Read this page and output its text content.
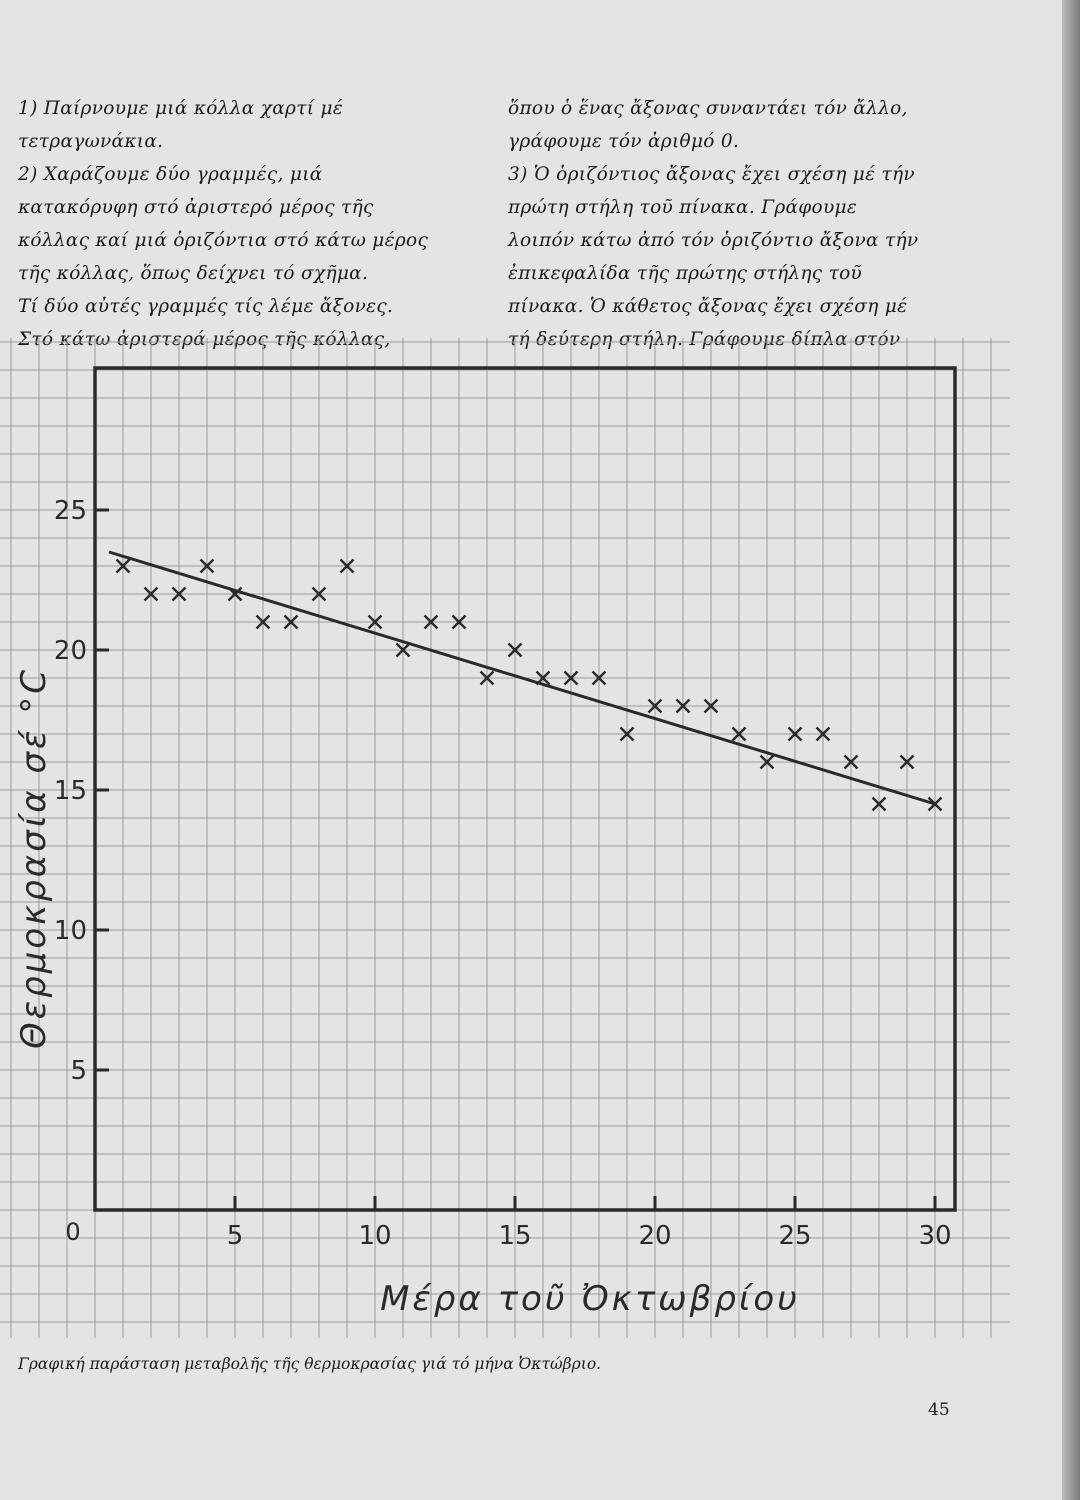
1) Παίρνουμε μιά κόλλα χαρτί μέ
τετραγωνάκια.
2) Χαράζουμε δύο γραμμές, μιά
κατακόρυφη στό ἀριστερό μέρος τῆς
κόλλας καί μιά ὁριζόντια στό κάτω μέρος
τῆς κόλλας, ὅπως δείχνει τό σχῆμα.
Τί δύο αὐτές γραμμές τίς λέμε ἄξονες.
Στό κάτω ἀριστερά μέρος τῆς κόλλας,
ὅπου ὁ ἕνας ἄξονας συναντάει τόν ἄλλο,
γράφουμε τόν ἀριθμό 0.
3) Ὁ ὁριζόντιος ἄξονας ἔχει σχέση μέ τήν
πρώτη στήλη τοῦ πίνακα. Γράφουμε
λοιπόν κάτω ἀπό τόν ὁριζόντιο ἄξονα τήν
ἐπικεφαλίδα τῆς πρώτης στήλης τοῦ
πίνακα. Ὁ κάθετος ἄξονας ἔχει σχέση μέ
τή δεύτερη στήλη. Γράφουμε δίπλα στόν
5	10	15	20	25	30
5
10
15
20
25
0
Μέρα τοῦ Ὀκτωβρίου
Θερμοκρασία σέ °C
Γραφική παράσταση μεταβολῆς τῆς θερμοκρασίας γιά τό μήνα Ὀκτώβριο.
45
